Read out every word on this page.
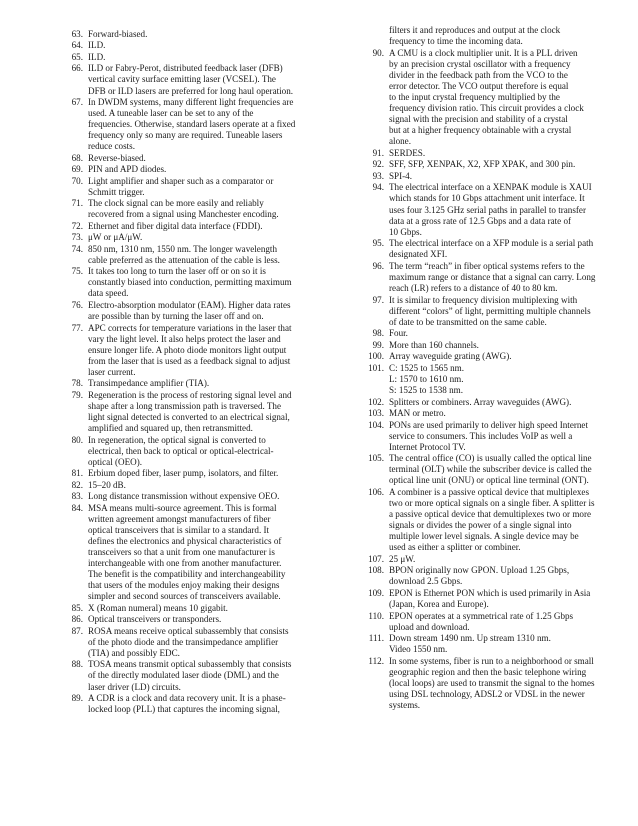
63. Forward-biased.
64. ILD.
65. ILD.
66. ILD or Fabry-Perot, distributed feedback laser (DFB)
vertical cavity surface emitting laser (VCSEL). The
DFB or ILD lasers are preferred for long haul operation.
67. In DWDM systems, many different light frequencies are
used. A tuneable laser can be set to any of the
frequencies. Otherwise, standard lasers operate at a fixed
frequency only so many are required. Tuneable lasers
reduce costs.
68. Reverse-biased.
69. PIN and APD diodes.
70. Light amplifier and shaper such as a comparator or
Schmitt trigger.
71. The clock signal can be more easily and reliably
recovered from a signal using Manchester encoding.
72. Ethernet and fiber digital data interface (FDDI).
73. μW or μA/μW.
74. 850 nm, 1310 nm, 1550 nm. The longer wavelength
cable preferred as the attenuation of the cable is less.
75. It takes too long to turn the laser off or on so it is
constantly biased into conduction, permitting maximum
data speed.
76. Electro-absorption modulator (EAM). Higher data rates
are possible than by turning the laser off and on.
77. APC corrects for temperature variations in the laser that
vary the light level. It also helps protect the laser and
ensure longer life. A photo diode monitors light output
from the laser that is used as a feedback signal to adjust
laser current.
78. Transimpedance amplifier (TIA).
79. Regeneration is the process of restoring signal level and
shape after a long transmission path is traversed. The
light signal detected is converted to an electrical signal,
amplified and squared up, then retransmitted.
80. In regeneration, the optical signal is converted to
electrical, then back to optical or optical-electrical-
optical (OEO).
81. Erbium doped fiber, laser pump, isolators, and filter.
82. 15–20 dB.
83. Long distance transmission without expensive OEO.
84. MSA means multi-source agreement. This is formal
written agreement amongst manufacturers of fiber
optical transceivers that is similar to a standard. It
defines the electronics and physical characteristics of
transceivers so that a unit from one manufacturer is
interchangeable with one from another manufacturer.
The benefit is the compatibility and interchangeability
that users of the modules enjoy making their designs
simpler and second sources of transceivers available.
85. X (Roman numeral) means 10 gigabit.
86. Optical transceivers or transponders.
87. ROSA means receive optical subassembly that consists
of the photo diode and the transimpedance amplifier
(TIA) and possibly EDC.
88. TOSA means transmit optical subassembly that consists
of the directly modulated laser diode (DML) and the
laser driver (LD) circuits.
89. A CDR is a clock and data recovery unit. It is a phase-
locked loop (PLL) that captures the incoming signal,
filters it and reproduces and output at the clock
frequency to time the incoming data.
90. A CMU is a clock multiplier unit. It is a PLL driven
by an precision crystal oscillator with a frequency
divider in the feedback path from the VCO to the
error detector. The VCO output therefore is equal
to the input crystal frequency multiplied by the
frequency division ratio. This circuit provides a clock
signal with the precision and stability of a crystal
but at a higher frequency obtainable with a crystal
alone.
91. SERDES.
92. SFF, SFP, XENPAK, X2, XFP XPAK, and 300 pin.
93. SPI-4.
94. The electrical interface on a XENPAK module is XAUI
which stands for 10 Gbps attachment unit interface. It
uses four 3.125 GHz serial paths in parallel to transfer
data at a gross rate of 12.5 Gbps and a data rate of
10 Gbps.
95. The electrical interface on a XFP module is a serial path
designated XFI.
96. The term “reach” in fiber optical systems refers to the
maximum range or distance that a signal can carry. Long
reach (LR) refers to a distance of 40 to 80 km.
97. It is similar to frequency division multiplexing with
different “colors” of light, permitting multiple channels
of date to be transmitted on the same cable.
98. Four.
99. More than 160 channels.
100. Array waveguide grating (AWG).
101. C: 1525 to 1565 nm.
L: 1570 to 1610 nm.
S: 1525 to 1538 nm.
102. Splitters or combiners. Array waveguides (AWG).
103. MAN or metro.
104. PONs are used primarily to deliver high speed Internet
service to consumers. This includes VoIP as well a
Internet Protocol TV.
105. The central office (CO) is usually called the optical line
terminal (OLT) while the subscriber device is called the
optical line unit (ONU) or optical line terminal (ONT).
106. A combiner is a passive optical device that multiplexes
two or more optical signals on a single fiber. A splitter is
a passive optical device that demultiplexes two or more
signals or divides the power of a single signal into
multiple lower level signals. A single device may be
used as either a splitter or combiner.
107. 25 μW.
108. BPON originally now GPON. Upload 1.25 Gbps,
download 2.5 Gbps.
109. EPON is Ethernet PON which is used primarily in Asia
(Japan, Korea and Europe).
110. EPON operates at a symmetrical rate of 1.25 Gbps
upload and download.
111. Down stream 1490 nm. Up stream 1310 nm.
Video 1550 nm.
112. In some systems, fiber is run to a neighborhood or small
geographic region and then the basic telephone wiring
(local loops) are used to transmit the signal to the homes
using DSL technology, ADSL2 or VDSL in the newer
systems.
